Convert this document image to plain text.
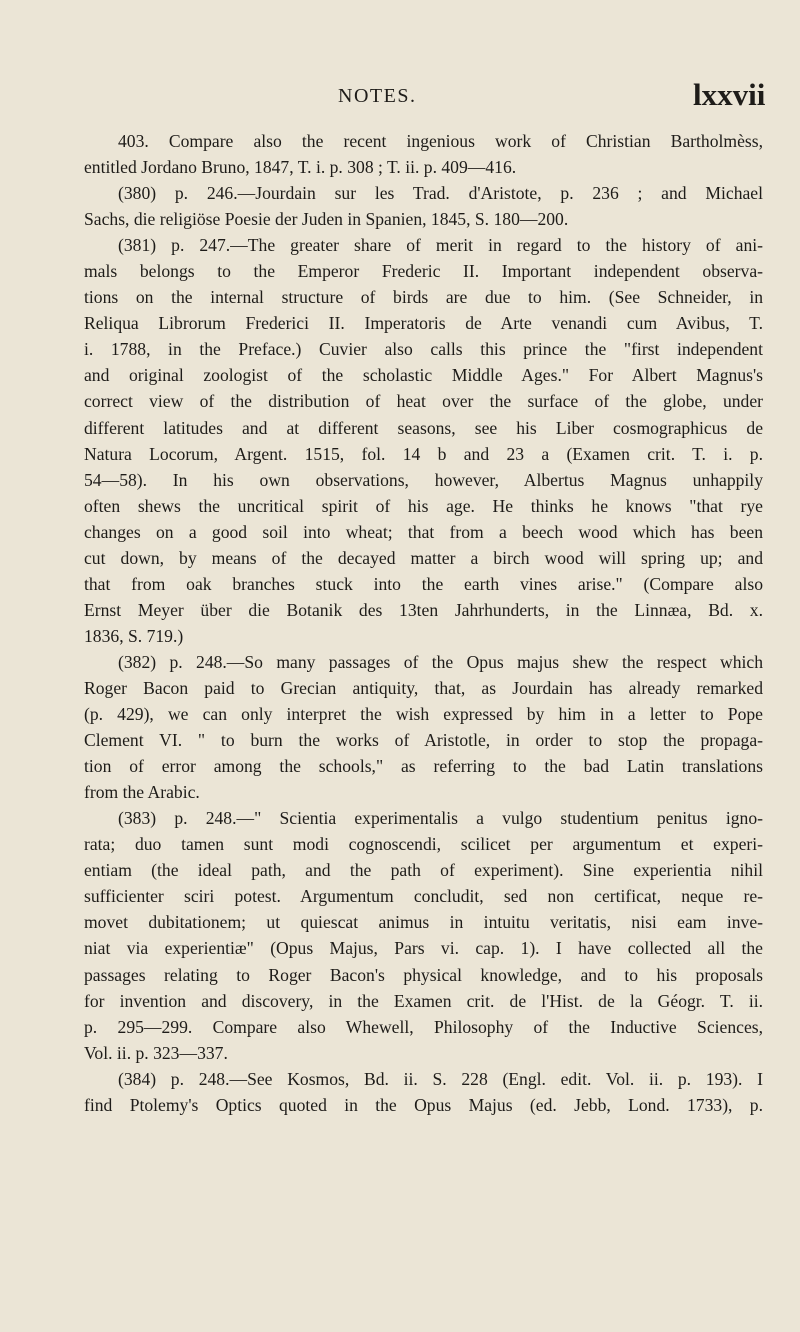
NOTES.	lxxvii
403. Compare also the recent ingenious work of Christian Bartholmèss,
entitled Jordano Bruno, 1847, T. i. p. 308 ; T. ii. p. 409—416.
(380) p. 246.—Jourdain sur les Trad. d'Aristote, p. 236 ; and Michael
Sachs, die religiöse Poesie der Juden in Spanien, 1845, S. 180—200.
(381) p. 247.—The greater share of merit in regard to the history of ani-
mals belongs to the Emperor Frederic II. Important independent observa-
tions on the internal structure of birds are due to him. (See Schneider, in
Reliqua Librorum Frederici II. Imperatoris de Arte venandi cum Avibus, T.
i. 1788, in the Preface.) Cuvier also calls this prince the "first independent
and original zoologist of the scholastic Middle Ages." For Albert Magnus's
correct view of the distribution of heat over the surface of the globe, under
different latitudes and at different seasons, see his Liber cosmographicus de
Natura Locorum, Argent. 1515, fol. 14 b and 23 a (Examen crit. T. i. p.
54—58). In his own observations, however, Albertus Magnus unhappily
often shews the uncritical spirit of his age. He thinks he knows "that rye
changes on a good soil into wheat; that from a beech wood which has been
cut down, by means of the decayed matter a birch wood will spring up; and
that from oak branches stuck into the earth vines arise." (Compare also
Ernst Meyer über die Botanik des 13ten Jahrhunderts, in the Linnæa, Bd. x.
1836, S. 719.)
(382) p. 248.—So many passages of the Opus majus shew the respect which
Roger Bacon paid to Grecian antiquity, that, as Jourdain has already remarked
(p. 429), we can only interpret the wish expressed by him in a letter to Pope
Clement VI. " to burn the works of Aristotle, in order to stop the propaga-
tion of error among the schools," as referring to the bad Latin translations
from the Arabic.
(383) p. 248.—" Scientia experimentalis a vulgo studentium penitus igno-
rata; duo tamen sunt modi cognoscendi, scilicet per argumentum et experi-
entiam (the ideal path, and the path of experiment). Sine experientia nihil
sufficienter sciri potest. Argumentum concludit, sed non certificat, neque re-
movet dubitationem; ut quiescat animus in intuitu veritatis, nisi eam inve-
niat via experientiæ" (Opus Majus, Pars vi. cap. 1). I have collected all the
passages relating to Roger Bacon's physical knowledge, and to his proposals
for invention and discovery, in the Examen crit. de l'Hist. de la Géogr. T. ii.
p. 295—299. Compare also Whewell, Philosophy of the Inductive Sciences,
Vol. ii. p. 323—337.
(384) p. 248.—See Kosmos, Bd. ii. S. 228 (Engl. edit. Vol. ii. p. 193). I
find Ptolemy's Optics quoted in the Opus Majus (ed. Jebb, Lond. 1733), p.
